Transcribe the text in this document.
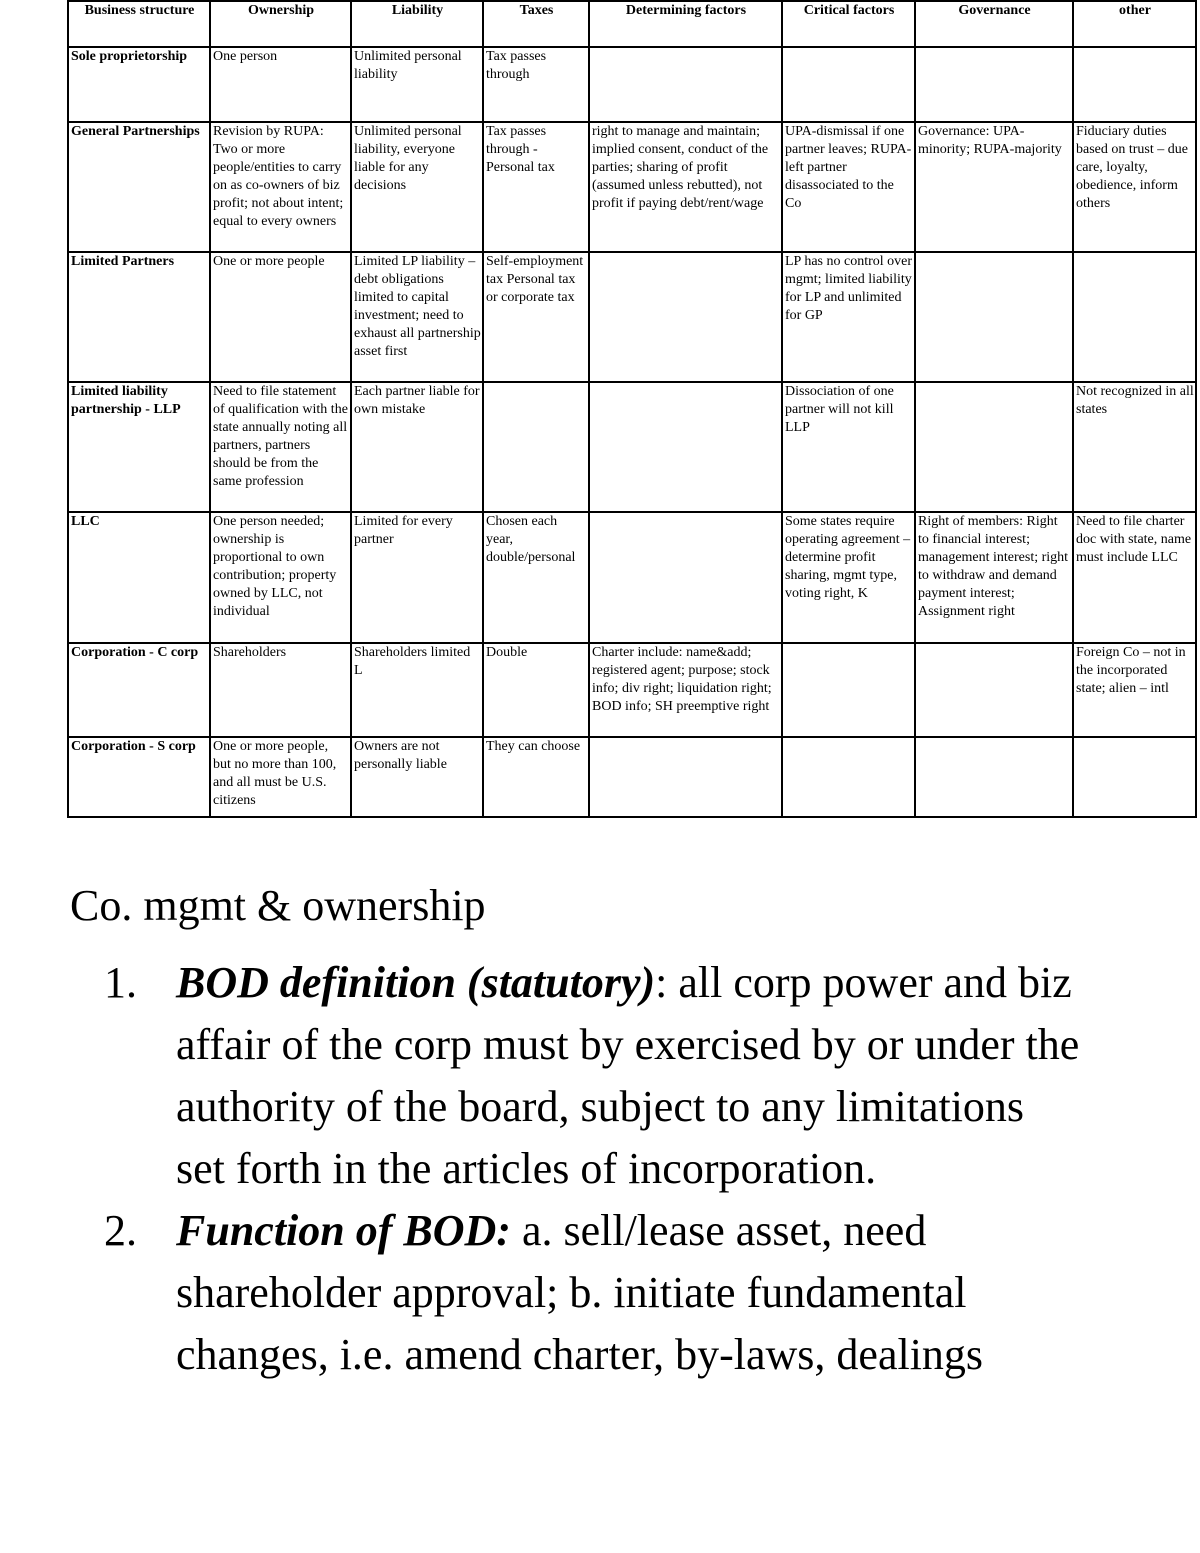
Business structure	Ownership	Liability	Taxes	Determining factors	Critical factors	Governance	other
Sole proprietorship	One person	Unlimited personal liability	Tax passes through				
General Partnerships	Revision by RUPA: Two or more people/entities to carry on as co-owners of biz profit; not about intent; equal to every owners	Unlimited personal liability, everyone liable for any decisions	Tax passes through - Personal tax	right to manage and maintain; implied consent, conduct of the parties; sharing of profit (assumed unless rebutted), not profit if paying debt/rent/wage	UPA-dismissal if one partner leaves; RUPA-left partner disassociated to the Co	Governance: UPA-minority; RUPA-majority	Fiduciary duties based on trust – due care, loyalty, obedience, inform others
Limited Partners	One or more people	Limited LP liability – debt obligations limited to capital investment; need to exhaust all partnership asset first	Self-employment tax Personal tax or corporate tax		LP has no control over mgmt; limited liability for LP and unlimited for GP		
Limited liability partnership - LLP	Need to file statement of qualification with the state annually noting all partners, partners should be from the same profession	Each partner liable for own mistake			Dissociation of one partner will not kill LLP		Not recognized in all states
LLC	One person needed; ownership is proportional to own contribution; property owned by LLC, not individual	Limited for every partner	Chosen each year, double/personal		Some states require operating agreement – determine profit sharing, mgmt type, voting right, K	Right of members: Right to financial interest; management interest; right to withdraw and demand payment interest; Assignment right	Need to file charter doc with state, name must include LLC
Corporation - C corp	Shareholders	Shareholders limited L	Double	Charter include: name&add; registered agent; purpose; stock info; div right; liquidation right; BOD info; SH preemptive right			Foreign Co – not in the incorporated state; alien – intl
Corporation - S corp	One or more people, but no more than 100, and all must be U.S. citizens	Owners are not personally liable	They can choose				
Co. mgmt & ownership
1. BOD definition (statutory): all corp power and biz affair of the corp must by exercised by or under the authority of the board, subject to any limitations set forth in the articles of incorporation.
2. Function of BOD: a. sell/lease asset, need shareholder approval; b. initiate fundamental changes, i.e. amend charter, by-laws, dealings
